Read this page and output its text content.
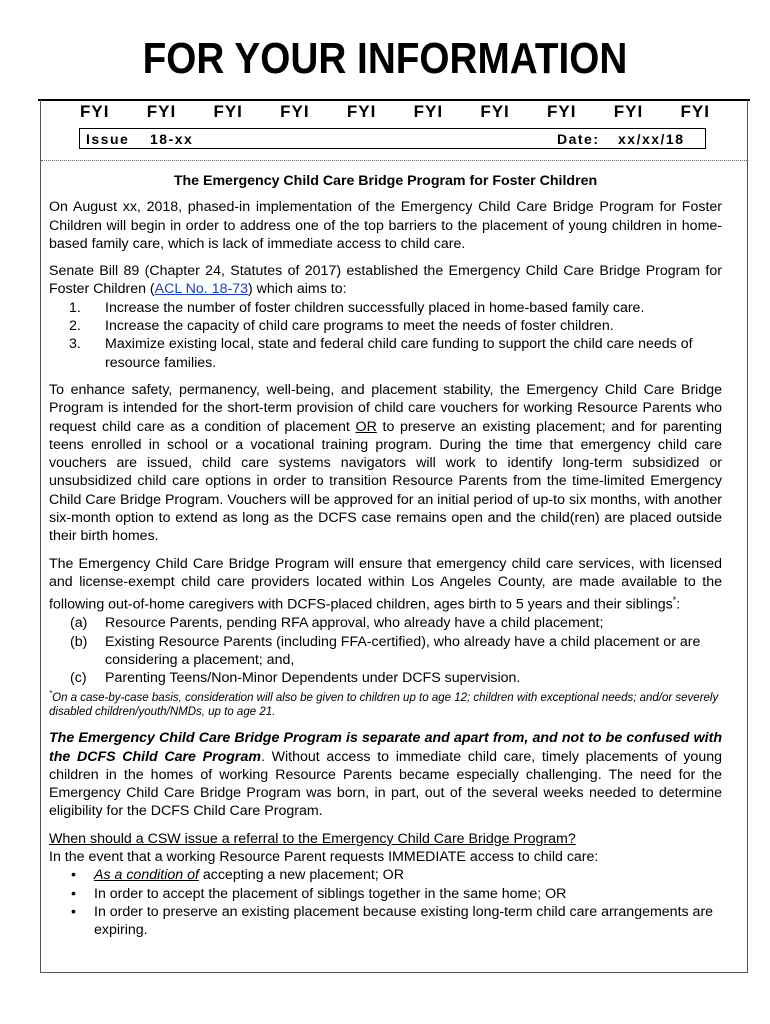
FOR YOUR INFORMATION
FYI FYI FYI FYI FYI FYI FYI FYI FYI FYI
Issue 18-xx	Date: xx/xx/18

The Emergency Child Care Bridge Program for Foster Children

On August xx, 2018, phased-in implementation of the Emergency Child Care Bridge Program for Foster Children will begin in order to address one of the top barriers to the placement of young children in home-based family care, which is lack of immediate access to child care.

Senate Bill 89 (Chapter 24, Statutes of 2017) established the Emergency Child Care Bridge Program for Foster Children (ACL No. 18-73) which aims to:

1. Increase the number of foster children successfully placed in home-based family care.
2. Increase the capacity of child care programs to meet the needs of foster children.
3. Maximize existing local, state and federal child care funding to support the child care needs of resource families.

To enhance safety, permanency, well-being, and placement stability, the Emergency Child Care Bridge Program is intended for the short-term provision of child care vouchers for working Resource Parents who request child care as a condition of placement OR to preserve an existing placement; and for parenting teens enrolled in school or a vocational training program. During the time that emergency child care vouchers are issued, child care systems navigators will work to identify long-term subsidized or unsubsidized child care options in order to transition Resource Parents from the time-limited Emergency Child Care Bridge Program. Vouchers will be approved for an initial period of up-to six months, with another six-month option to extend as long as the DCFS case remains open and the child(ren) are placed outside their birth homes.

The Emergency Child Care Bridge Program will ensure that emergency child care services, with licensed and license-exempt child care providers located within Los Angeles County, are made available to the following out-of-home caregivers with DCFS-placed children, ages birth to 5 years and their siblings*:

(a) Resource Parents, pending RFA approval, who already have a child placement;
(b) Existing Resource Parents (including FFA-certified), who already have a child placement or are considering a placement; and,
(c) Parenting Teens/Non-Minor Dependents under DCFS supervision.

*On a case-by-case basis, consideration will also be given to children up to age 12; children with exceptional needs; and/or severely disabled children/youth/NMDs, up to age 21.

The Emergency Child Care Bridge Program is separate and apart from, and not to be confused with the DCFS Child Care Program. Without access to immediate child care, timely placements of young children in the homes of working Resource Parents became especially challenging. The need for the Emergency Child Care Bridge Program was born, in part, out of the several weeks needed to determine eligibility for the DCFS Child Care Program.

When should a CSW issue a referral to the Emergency Child Care Bridge Program?
In the event that a working Resource Parent requests IMMEDIATE access to child care:

• As a condition of accepting a new placement; OR
• In order to accept the placement of siblings together in the same home; OR
• In order to preserve an existing placement because existing long-term child care arrangements are expiring.
